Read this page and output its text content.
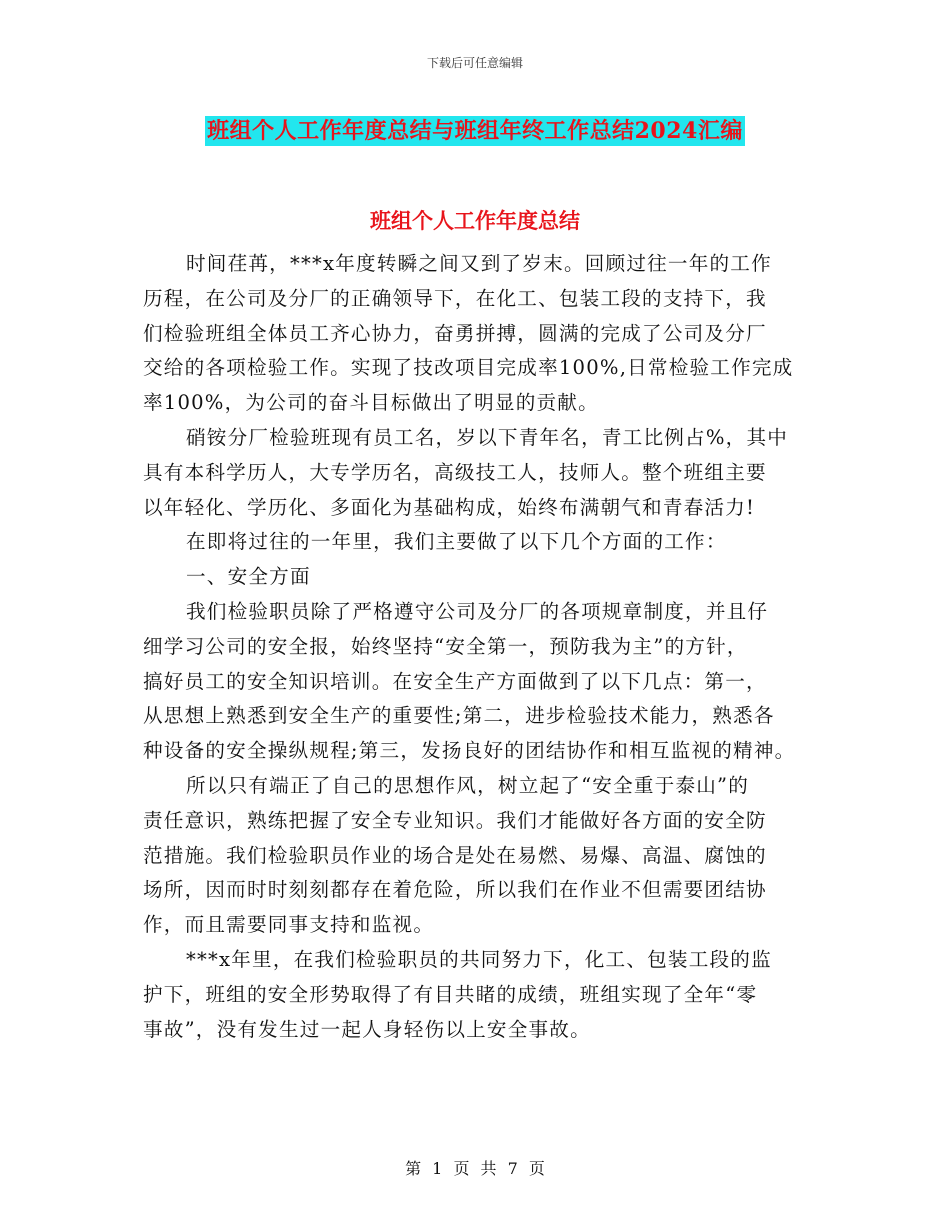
下载后可任意编辑
班组个人工作年度总结与班组年终工作总结2024汇编
班组个人工作年度总结
时间荏苒，***x年度转瞬之间又到了岁末。回顾过往一年的工作
历程，在公司及分厂的正确领导下，在化工、包装工段的支持下，我
们检验班组全体员工齐心协力，奋勇拼搏，圆满的完成了公司及分厂
交给的各项检验工作。实现了技改项目完成率100%,日常检验工作完成
率100%，为公司的奋斗目标做出了明显的贡献。
硝铵分厂检验班现有员工名，岁以下青年名，青工比例占%，其中
具有本科学历人，大专学历名，高级技工人，技师人。整个班组主要
以年轻化、学历化、多面化为基础构成，始终布满朝气和青春活力!
在即将过往的一年里，我们主要做了以下几个方面的工作：
一、安全方面
我们检验职员除了严格遵守公司及分厂的各项规章制度，并且仔
细学习公司的安全报，始终坚持“安全第一，预防我为主”的方针，
搞好员工的安全知识培训。在安全生产方面做到了以下几点：第一，
从思想上熟悉到安全生产的重要性;第二，进步检验技术能力，熟悉各
种设备的安全操纵规程;第三，发扬良好的团结协作和相互监视的精神。
所以只有端正了自己的思想作风，树立起了“安全重于泰山”的
责任意识，熟练把握了安全专业知识。我们才能做好各方面的安全防
范措施。我们检验职员作业的场合是处在易燃、易爆、高温、腐蚀的
场所，因而时时刻刻都存在着危险，所以我们在作业不但需要团结协
作，而且需要同事支持和监视。
***x年里，在我们检验职员的共同努力下，化工、包装工段的监
护下，班组的安全形势取得了有目共睹的成绩，班组实现了全年“零
事故”，没有发生过一起人身轻伤以上安全事故。
第 1 页 共 7 页
